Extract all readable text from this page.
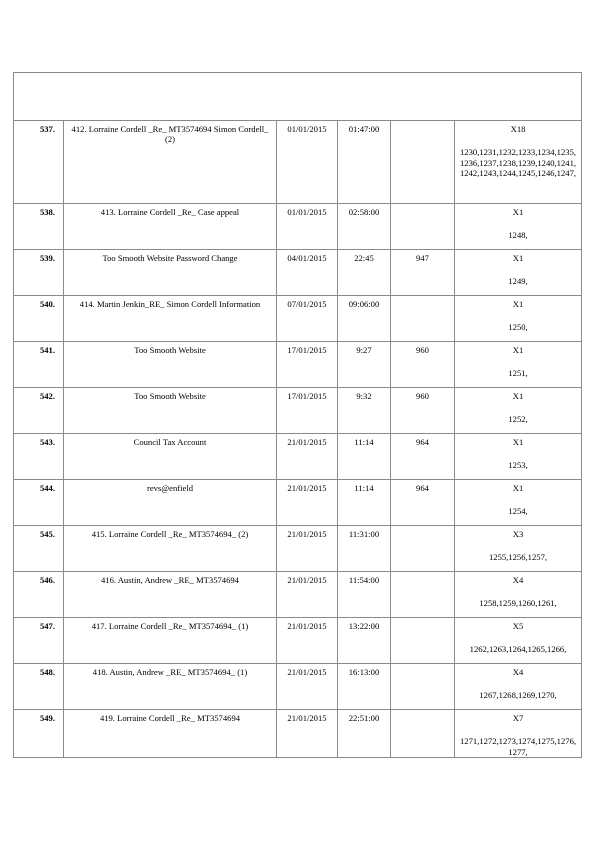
537.	412. Lorraine Cordell _Re_ MT3574694 Simon Cordell_ (2)	01/01/2015	01:47:00		X18
1230,1231,1232,1233,1234,1235,1236,1237,1238,1239,1240,1241,1242,1243,1244,1245,1246,1247,

538.	413. Lorraine Cordell _Re_ Case appeal	01/01/2015	02:58:00		X1
1248,

539.	Too Smooth Website Password Change	04/01/2015	22:45	947	X1
1249,

540.	414. Martin Jenkin_RE_ Simon Cordell Information	07/01/2015	09:06:00		X1
1250,

541.	Too Smooth Website	17/01/2015	9:27	960	X1
1251,

542.	Too Smooth Website	17/01/2015	9:32	960	X1
1252,

543.	Council Tax Account	21/01/2015	11:14	964	X1
1253,

544.	revs@enfield	21/01/2015	11:14	964	X1
1254,

545.	415. Lorraine Cordell _Re_ MT3574694_ (2)	21/01/2015	11:31:00		X3
1255,1256,1257,

546.	416. Austin, Andrew _RE_ MT3574694	21/01/2015	11:54:00		X4
1258,1259,1260,1261,

547.	417. Lorraine Cordell _Re_ MT3574694_ (1)	21/01/2015	13:22:00		X5
1262,1263,1264,1265,1266,

548.	418. Austin, Andrew _RE_ MT3574694_ (1)	21/01/2015	16:13:00		X4
1267,1268,1269,1270,

549.	419. Lorraine Cordell _Re_ MT3574694	21/01/2015	22:51:00		X7
1271,1272,1273,1274,1275,1276,1277,
